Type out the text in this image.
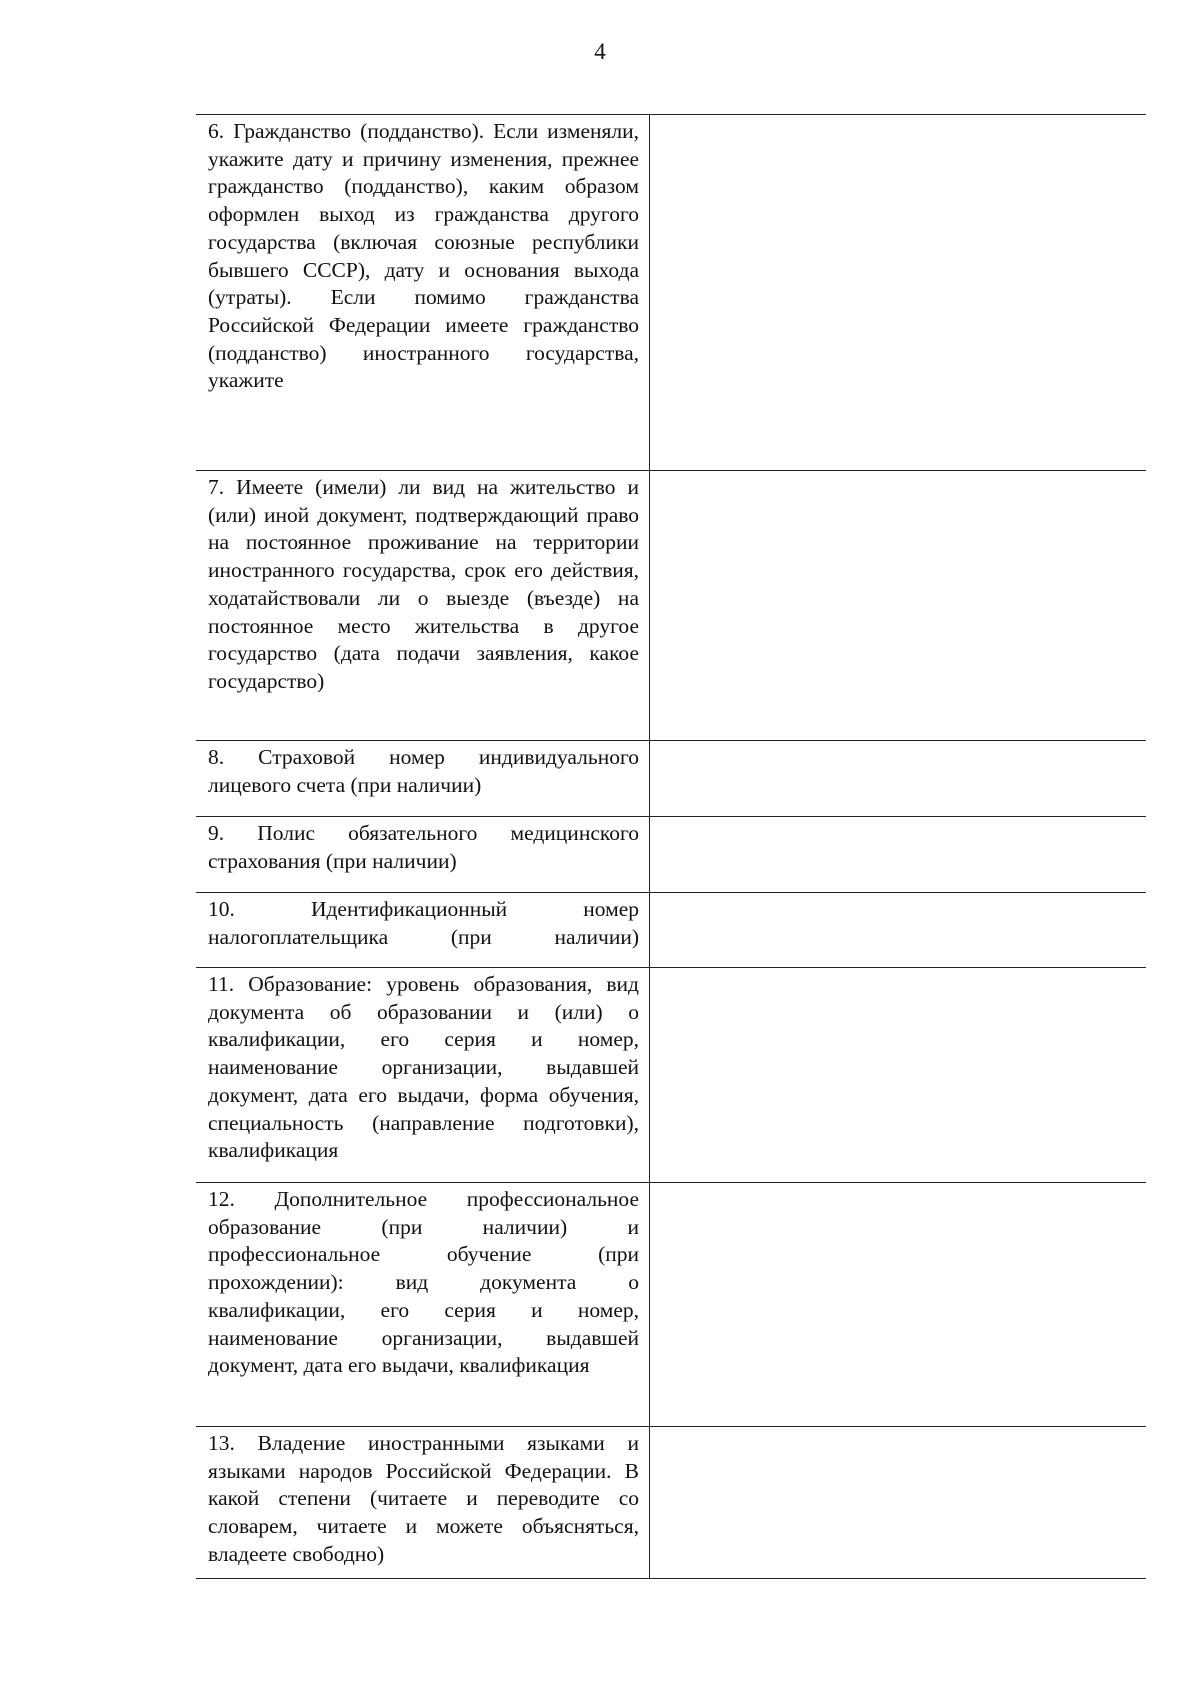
4
6. Гражданство (подданство). Если изменяли, укажите дату и причину изменения, прежнее гражданство (подданство), каким образом оформлен выход из гражданства другого государства (включая союзные республики бывшего СССР), дату и основания выхода (утраты). Если помимо гражданства Российской Федерации имеете гражданство (подданство) иностранного государства, укажите	

7. Имеете (имели) ли вид на жительство и (или) иной документ, подтверждающий право на постоянное проживание на территории иностранного государства, срок его действия, ходатайствовали ли о выезде (въезде) на постоянное место жительства в другое государство (дата подачи заявления, какое государство)	

8. Страховой номер индивидуального лицевого счета (при наличии)	

9. Полис обязательного медицинского страхования (при наличии)	

10. Идентификационный номер налогоплательщика (при наличии)	

11. Образование: уровень образования, вид документа об образовании и (или) о квалификации, его серия и номер, наименование организации, выдавшей документ, дата его выдачи, форма обучения, специальность (направление подготовки), квалификация	

12. Дополнительное профессиональное образование (при наличии) и профессиональное обучение (при прохождении): вид документа о квалификации, его серия и номер, наименование организации, выдавшей документ, дата его выдачи, квалификация	

13. Владение иностранными языками и языками народов Российской Федерации. В какой степени (читаете и переводите со словарем, читаете и можете объясняться, владеете свободно)	
